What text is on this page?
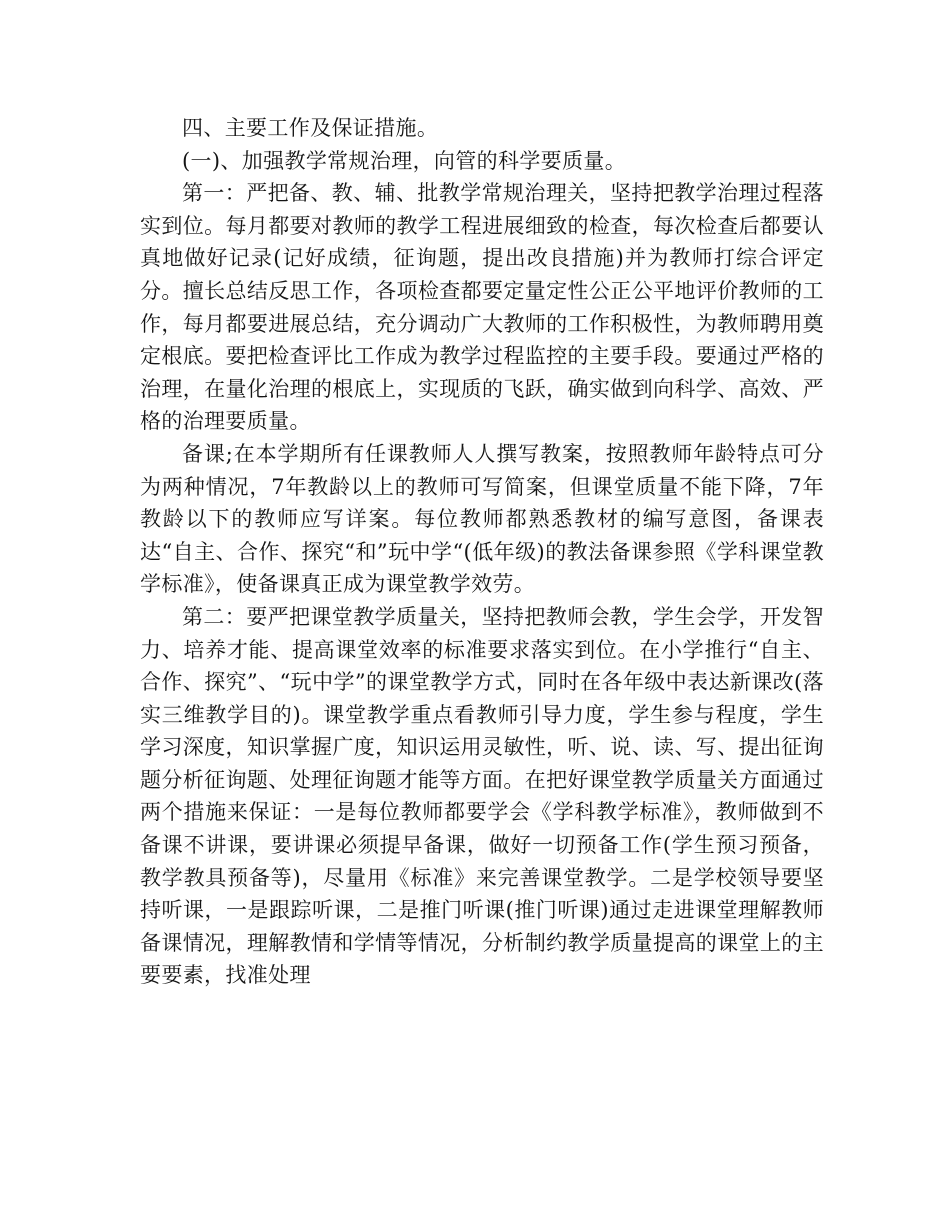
四、主要工作及保证措施。

(一)、加强教学常规治理，向管的科学要质量。

第一：严把备、教、辅、批教学常规治理关，坚持把教学治理过程落实到位。每月都要对教师的教学工程进展细致的检查，每次检查后都要认真地做好记录(记好成绩，征询题，提出改良措施)并为教师打综合评定分。擅长总结反思工作，各项检查都要定量定性公正公平地评价教师的工作，每月都要进展总结，充分调动广大教师的工作积极性，为教师聘用奠定根底。要把检查评比工作成为教学过程监控的主要手段。要通过严格的治理，在量化治理的根底上，实现质的飞跃，确实做到向科学、高效、严格的治理要质量。

备课;在本学期所有任课教师人人撰写教案，按照教师年龄特点可分为两种情况，7年教龄以上的教师可写简案，但课堂质量不能下降，7年教龄以下的教师应写详案。每位教师都熟悉教材的编写意图，备课表达“自主、合作、探究“和”玩中学“(低年级)的教法备课参照《学科课堂教学标准》，使备课真正成为课堂教学效劳。

第二：要严把课堂教学质量关，坚持把教师会教，学生会学，开发智力、培养才能、提高课堂效率的标准要求落实到位。在小学推行“自主、合作、探究”、“玩中学”的课堂教学方式，同时在各年级中表达新课改(落实三维教学目的)。课堂教学重点看教师引导力度，学生参与程度，学生学习深度，知识掌握广度，知识运用灵敏性，听、说、读、写、提出征询题分析征询题、处理征询题才能等方面。在把好课堂教学质量关方面通过两个措施来保证：一是每位教师都要学会《学科教学标准》，教师做到不备课不讲课，要讲课必须提早备课，做好一切预备工作(学生预习预备，教学教具预备等)，尽量用《标准》来完善课堂教学。二是学校领导要坚持听课，一是跟踪听课，二是推门听课(推门听课)通过走进课堂理解教师备课情况，理解教情和学情等情况，分析制约教学质量提高的课堂上的主要要素，找准处理
